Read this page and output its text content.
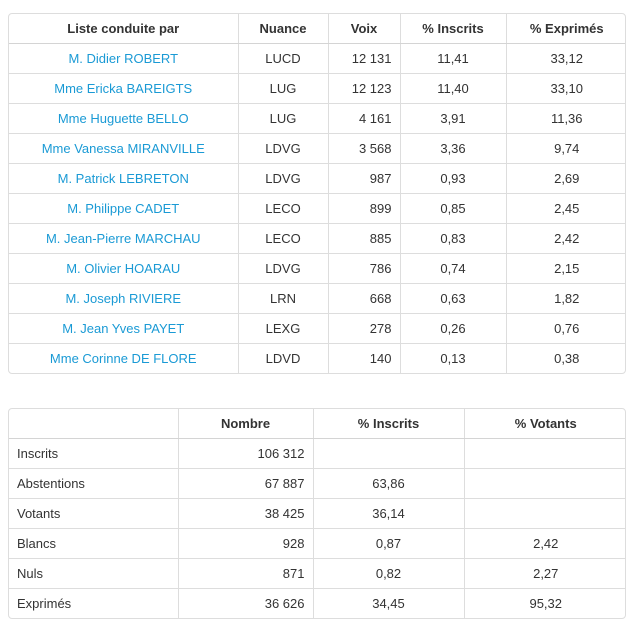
Liste conduite par	Nuance	Voix	% Inscrits	% Exprimés
M. Didier ROBERT	LUCD	12 131	11,41	33,12
Mme Ericka BAREIGTS	LUG	12 123	11,40	33,10
Mme Huguette BELLO	LUG	4 161	3,91	11,36
Mme Vanessa MIRANVILLE	LDVG	3 568	3,36	9,74
M. Patrick LEBRETON	LDVG	987	0,93	2,69
M. Philippe CADET	LECO	899	0,85	2,45
M. Jean-Pierre MARCHAU	LECO	885	0,83	2,42
M. Olivier HOARAU	LDVG	786	0,74	2,15
M. Joseph RIVIERE	LRN	668	0,63	1,82
M. Jean Yves PAYET	LEXG	278	0,26	0,76
Mme Corinne DE FLORE	LDVD	140	0,13	0,38
	Nombre	% Inscrits	% Votants
Inscrits	106 312		
Abstentions	67 887	63,86	
Votants	38 425	36,14	
Blancs	928	0,87	2,42
Nuls	871	0,82	2,27
Exprimés	36 626	34,45	95,32
